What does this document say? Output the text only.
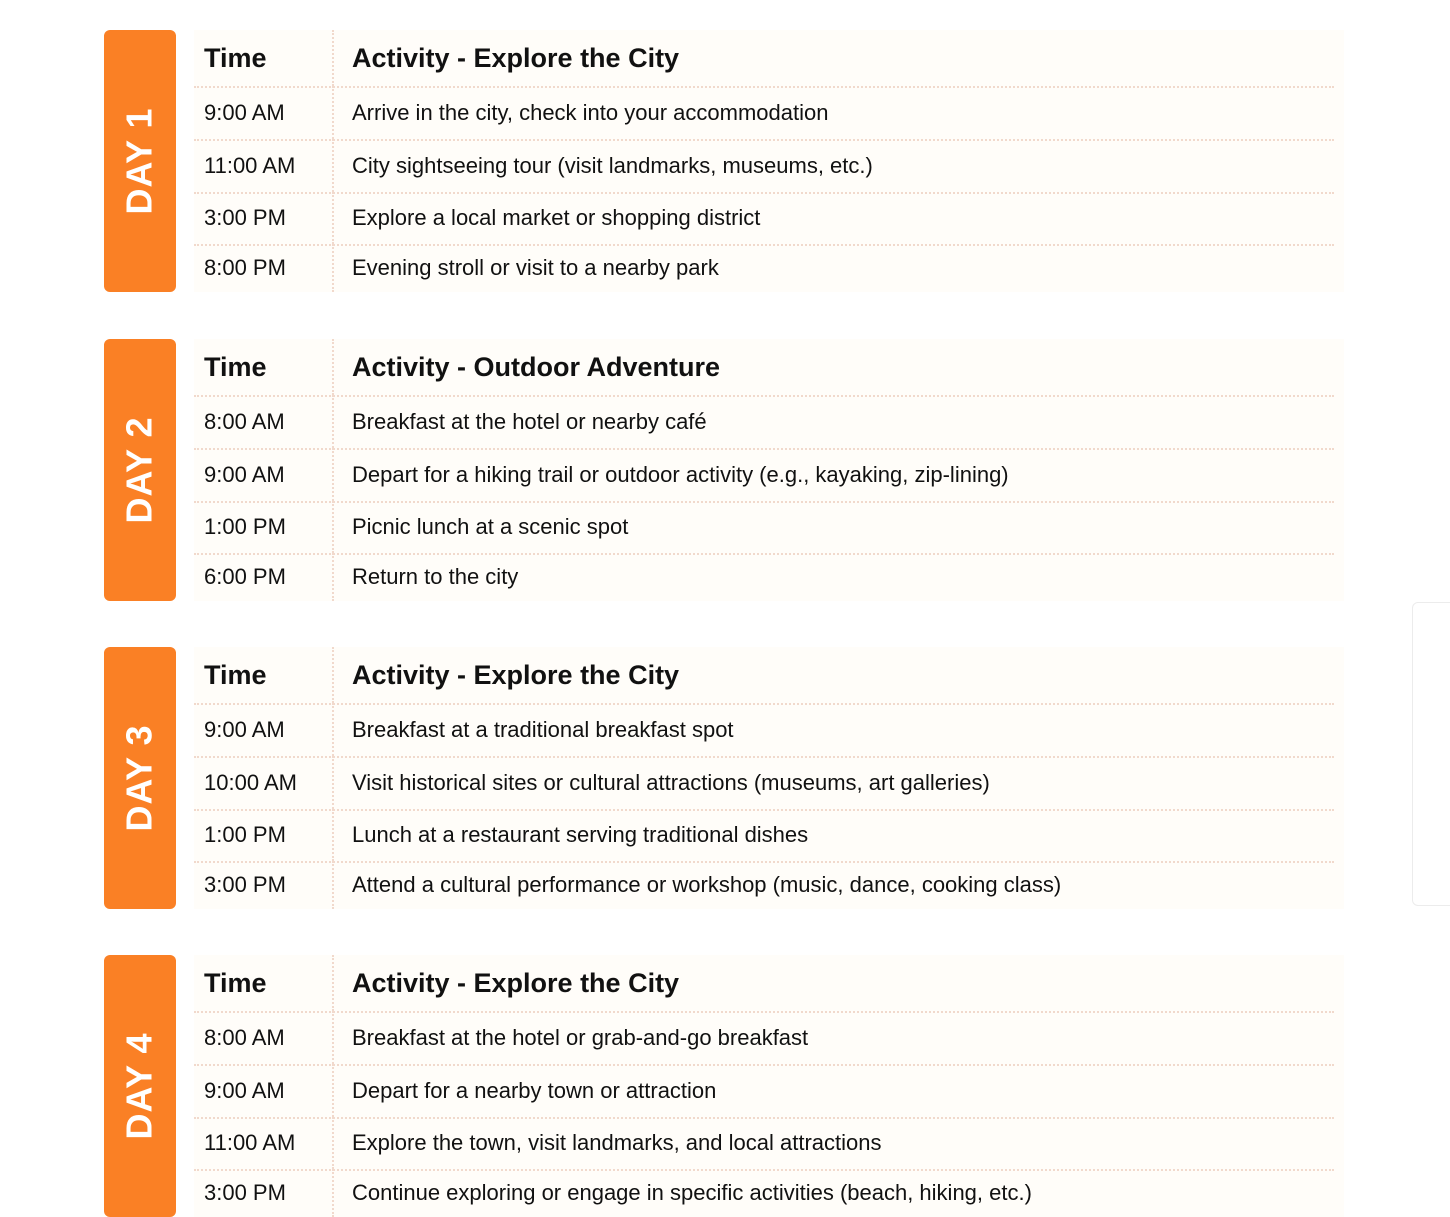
DAY 1
Time	Activity - Explore the City
9:00 AM	Arrive in the city, check into your accommodation
11:00 AM	City sightseeing tour (visit landmarks, museums, etc.)
3:00 PM	Explore a local market or shopping district
8:00 PM	Evening stroll or visit to a nearby park
DAY 2
Time	Activity - Outdoor Adventure
8:00 AM	Breakfast at the hotel or nearby café
9:00 AM	Depart for a hiking trail or outdoor activity (e.g., kayaking, zip-lining)
1:00 PM	Picnic lunch at a scenic spot
6:00 PM	Return to the city
DAY 3
Time	Activity - Explore the City
9:00 AM	Breakfast at a traditional breakfast spot
10:00 AM	Visit historical sites or cultural attractions (museums, art galleries)
1:00 PM	Lunch at a restaurant serving traditional dishes
3:00 PM	Attend a cultural performance or workshop (music, dance, cooking class)
DAY 4
Time	Activity - Explore the City
8:00 AM	Breakfast at the hotel or grab-and-go breakfast
9:00 AM	Depart for a nearby town or attraction
11:00 AM	Explore the town, visit landmarks, and local attractions
3:00 PM	Continue exploring or engage in specific activities (beach, hiking, etc.)
